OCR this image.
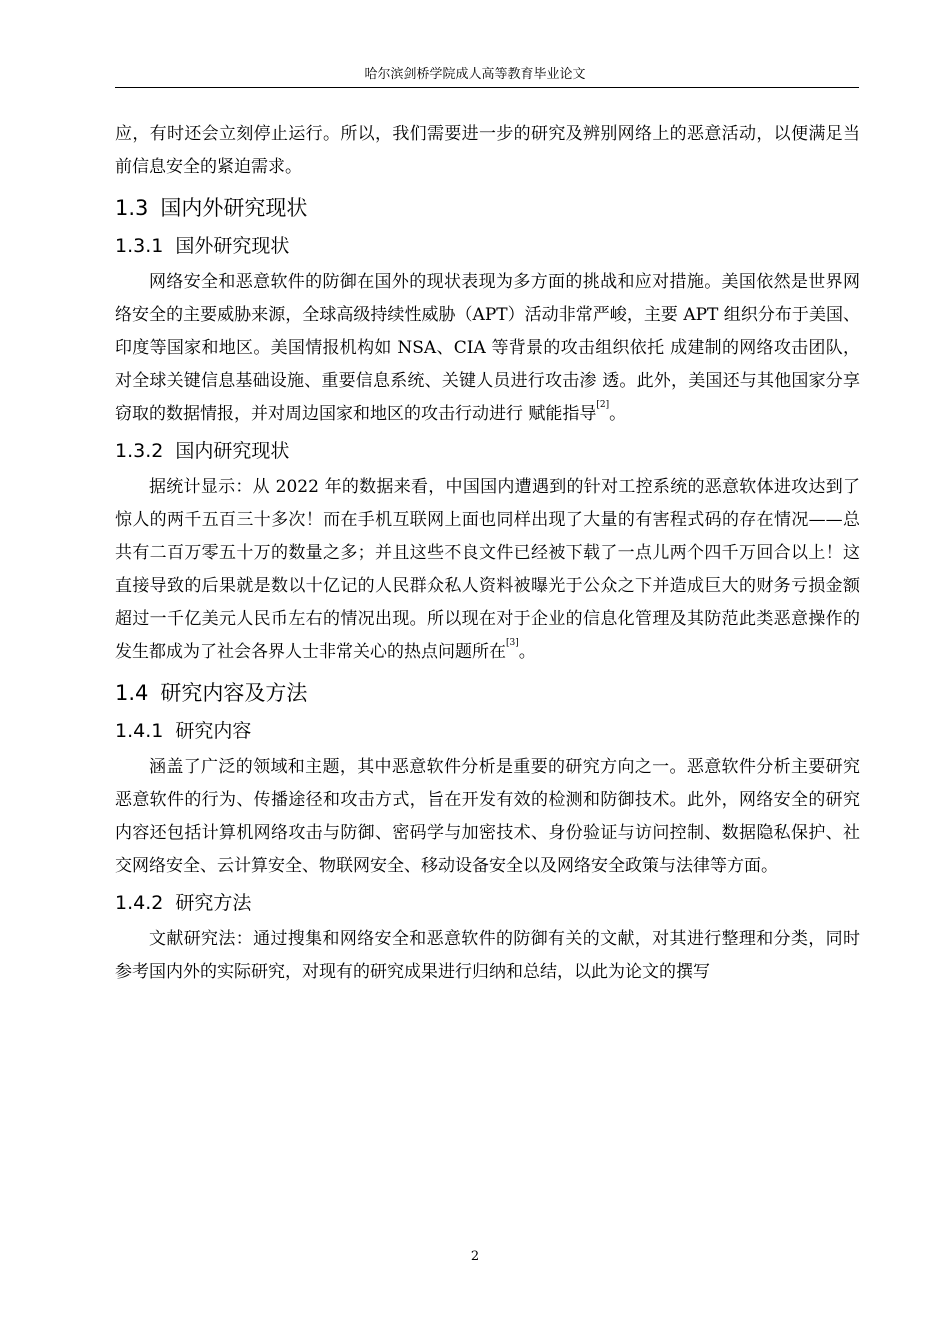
哈尔滨剑桥学院成人高等教育毕业论文

应，有时还会立刻停止运行。所以，我们需要进一步的研究及辨别网络上的恶意活动，以便满足当前信息安全的紧迫需求。

1.3 国内外研究现状
1.3.1 国外研究现状

网络安全和恶意软件的防御在国外的现状表现为多方面的挑战和应对措施。美国依然是世界网络安全的主要威胁来源，全球高级持续性威胁（APT）活动非常严峻，主要 APT 组织分布于美国、印度等国家和地区。美国情报机构如 NSA、CIA 等背景的攻击组织依托 成建制的网络攻击团队，对全球关键信息基础设施、重要信息系统、关键人员进行攻击渗 透。此外，美国还与其他国家分享窃取的数据情报，并对周边国家和地区的攻击行动进行 赋能指导[2]。

1.3.2 国内研究现状

据统计显示：从 2022 年的数据来看，中国国内遭遇到的针对工控系统的恶意软体进攻达到了惊人的两千五百三十多次！而在手机互联网上面也同样出现了大量的有害程式码的存在情况——总共有二百万零五十万的数量之多；并且这些不良文件已经被下载了一点儿两个四千万回合以上！这直接导致的后果就是数以十亿记的人民群众私人资料被曝光于公众之下并造成巨大的财务亏损金额超过一千亿美元人民币左右的情况出现。所以现在对于企业的信息化管理及其防范此类恶意操作的发生都成为了社会各界人士非常关心的热点问题所在[3]。

1.4 研究内容及方法
1.4.1 研究内容

涵盖了广泛的领域和主题，其中恶意软件分析是重要的研究方向之一。恶意软件分析主要研究恶意软件的行为、传播途径和攻击方式，旨在开发有效的检测和防御技术。此外，网络安全的研究内容还包括计算机网络攻击与防御、密码学与加密技术、身份验证与访问控制、数据隐私保护、社交网络安全、云计算安全、物联网安全、移动设备安全以及网络安全政策与法律等方面。

1.4.2 研究方法

文献研究法：通过搜集和网络安全和恶意软件的防御有关的文献，对其进行整理和分类，同时参考国内外的实际研究，对现有的研究成果进行归纳和总结，以此为论文的撰写

2
